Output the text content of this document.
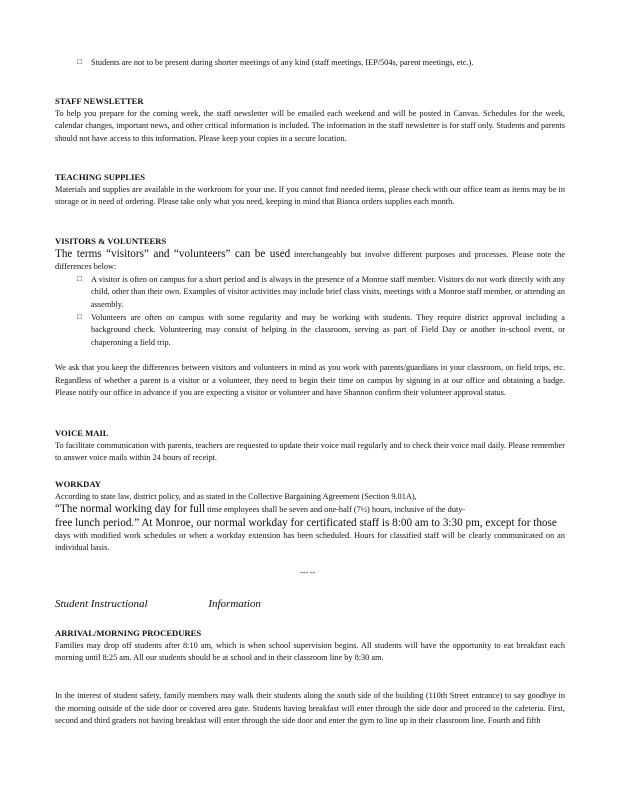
□ Students are not to be present during shorter meetings of any kind (staff meetings, IEP/504s, parent meetings, etc.).

STAFF NEWSLETTER

To help you prepare for the coming week, the staff newsletter will be emailed each weekend and will be posted in Canvas. Schedules for the week, calendar changes, important news, and other critical information is included. The information in the staff newsletter is for staff only. Students and parents should not have access to this information. Please keep your copies in a secure location.

TEACHING SUPPLIES

Materials and supplies are available in the workroom for your use. If you cannot find needed items, please check with our office team as items may be in storage or in need of ordering. Please take only what you need, keeping in mind that Bianca orders supplies each month.

VISITORS & VOLUNTEERS

The terms “visitors” and “volunteers” can be used interchangeably but involve different purposes and processes. Please note the differences below:

□ A visitor is often on campus for a short period and is always in the presence of a Monroe staff member. Visitors do not work directly with any child, other than their own. Examples of visitor activities may include brief class visits, meetings with a Monroe staff member, or attending an assembly.

□ Volunteers are often on campus with some regularity and may be working with students. They require district approval including a background check. Volunteering may consist of helping in the classroom, serving as part of Field Day or another in-school event, or chaperoning a field trip.

We ask that you keep the differences between visitors and volunteers in mind as you work with parents/guardians in your classroom, on field trips, etc. Regardless of whether a parent is a visitor or a volunteer, they need to begin their time on campus by signing in at our office and obtaining a badge. Please notify our office in advance if you are expecting a visitor or volunteer and have Shannon confirm their volunteer approval status.

VOICE MAIL

To facilitate communication with parents, teachers are requested to update their voice mail regularly and to check their voice mail daily. Please remember to answer voice mails within 24 hours of receipt.

WORKDAY

According to state law, district policy, and as stated in the Collective Bargaining Agreement (Section 9.01A),

“The normal working day for full time employees shall be seven and one-half (7½) hours, inclusive of the duty-

free lunch period.” At Monroe, our normal workday for certificated staff is 8:00 am to 3:30 pm, except for those

days with modified work schedules or when a workday extension has been scheduled. Hours for classified staff will be clearly communicated on an individual basis.

--- --
Student Instructional	Information
ARRIVAL/MORNING PROCEDURES

Families may drop off students after 8:10 am, which is when school supervision begins. All students will have the opportunity to eat breakfast each morning until 8:25 am. All our students should be at school and in their classroom line by 8:30 am.

In the interest of student safety, family members may walk their students along the south side of the building (110th Street entrance) to say goodbye in the morning outside of the side door or covered area gate. Students having breakfast will enter through the side door and proceed to the cafeteria. First, second and third graders not having breakfast will enter through the side door and enter the gym to line up in their classroom line. Fourth and fifth
